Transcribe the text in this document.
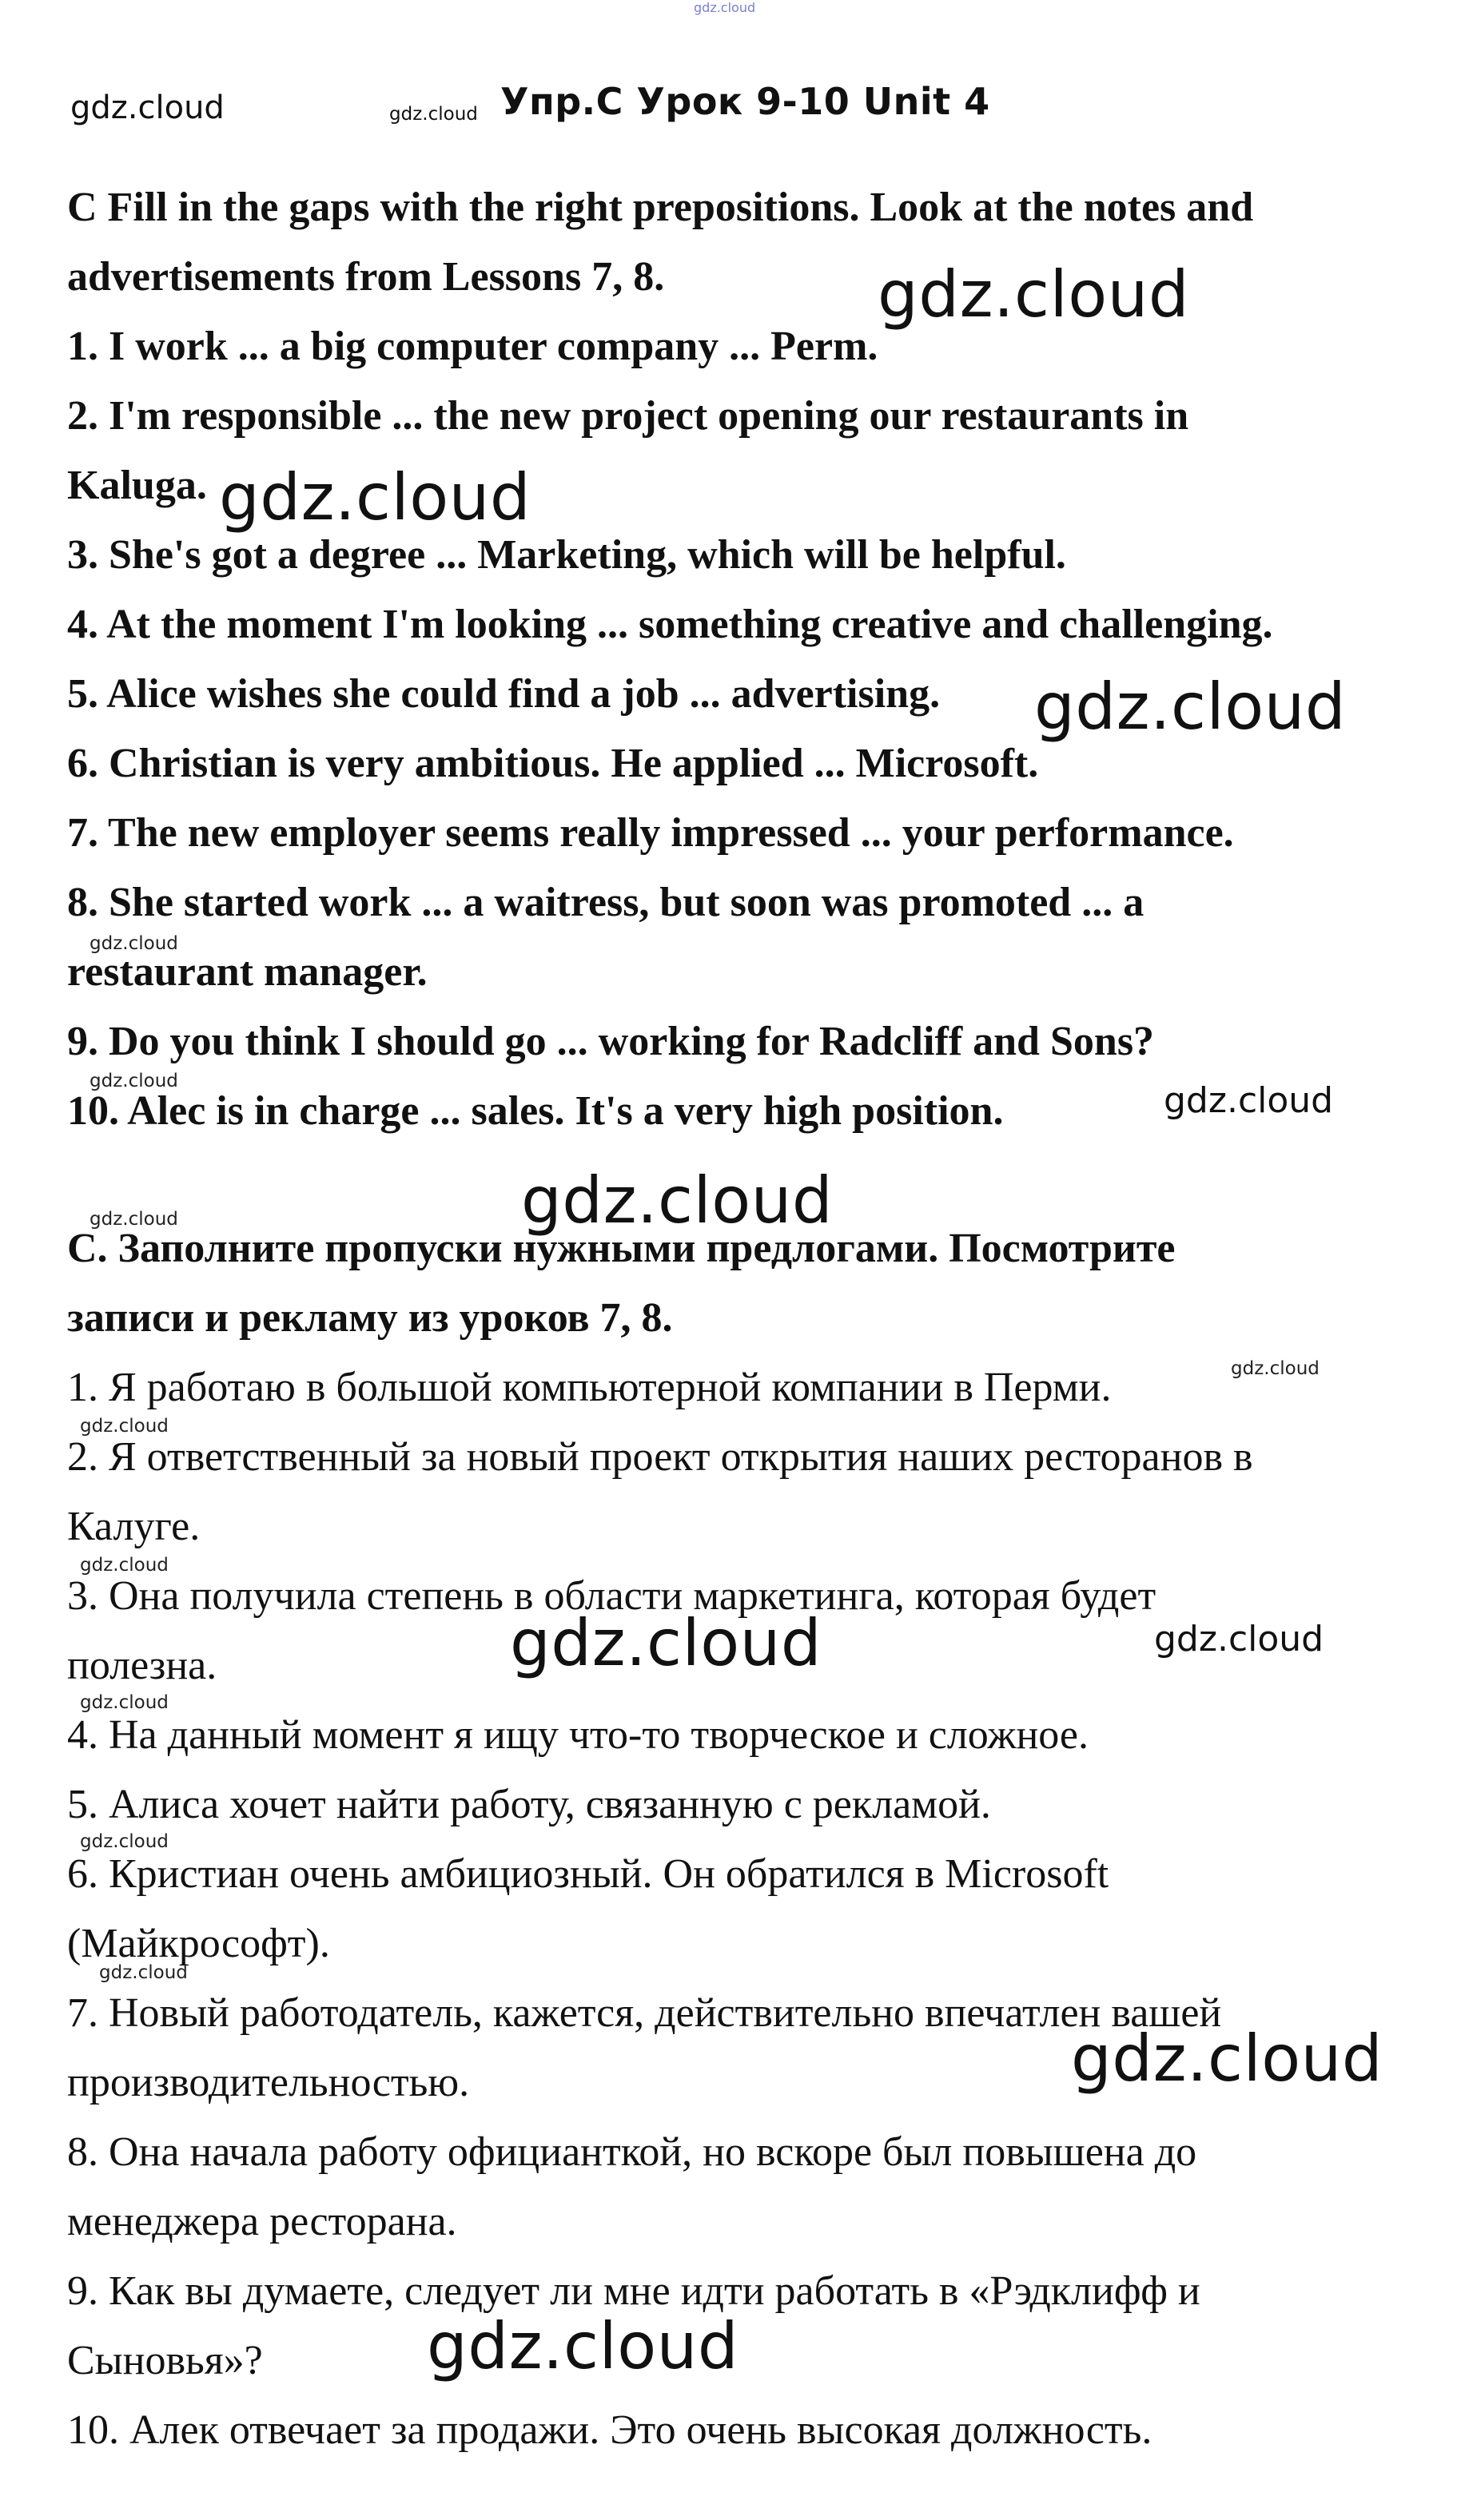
gdz.cloud
gdz.cloud	gdz.cloud Упр.C Урок 9-10 Unit 4
C Fill in the gaps with the right prepositions. Look at the notes and
advertisements from Lessons 7, 8.
1. I work ... a big computer company ... Perm.
2. I'm responsible ... the new project opening our restaurants in
Kaluga.
3. She's got a degree ... Marketing, which will be helpful.
4. At the moment I'm looking ... something creative and challenging.
5. Alice wishes she could find a job ... advertising.
6. Christian is very ambitious. He applied ... Microsoft.
7. The new employer seems really impressed ... your performance.
8. She started work ... a waitress, but soon was promoted ... a
restaurant manager.
9. Do you think I should go ... working for Radcliff and Sons?
10. Alec is in charge ... sales. It's a very high position.
C. Заполните пропуски нужными предлогами. Посмотрите
записи и рекламу из уроков 7, 8.
1. Я работаю в большой компьютерной компании в Перми.
2. Я ответственный за новый проект открытия наших ресторанов в
Калуге.
3. Она получила степень в области маркетинга, которая будет
полезна.
4. На данный момент я ищу что-то творческое и сложное.
5. Алиса хочет найти работу, связанную с рекламой.
6. Кристиан очень амбициозный. Он обратился в Microsoft
(Майкрософт).
7. Новый работодатель, кажется, действительно впечатлен вашей
производительностью.
8. Она начала работу официанткой, но вскоре был повышена до
менеджера ресторана.
9. Как вы думаете, следует ли мне идти работать в «Рэдклифф и
Сыновья»?
10. Алек отвечает за продажи. Это очень высокая должность.
gdz.cloud
gdz.cloud
gdz.cloud
gdz.cloud
gdz.cloud	gdz.cloud
gdz.cloud
gdz.cloud
gdz.cloud
gdz.cloud
gdz.cloud
gdz.cloud	gdz.cloud
gdz.cloud
gdz.cloud
gdz.cloud
gdz.cloud
gdz.cloud
